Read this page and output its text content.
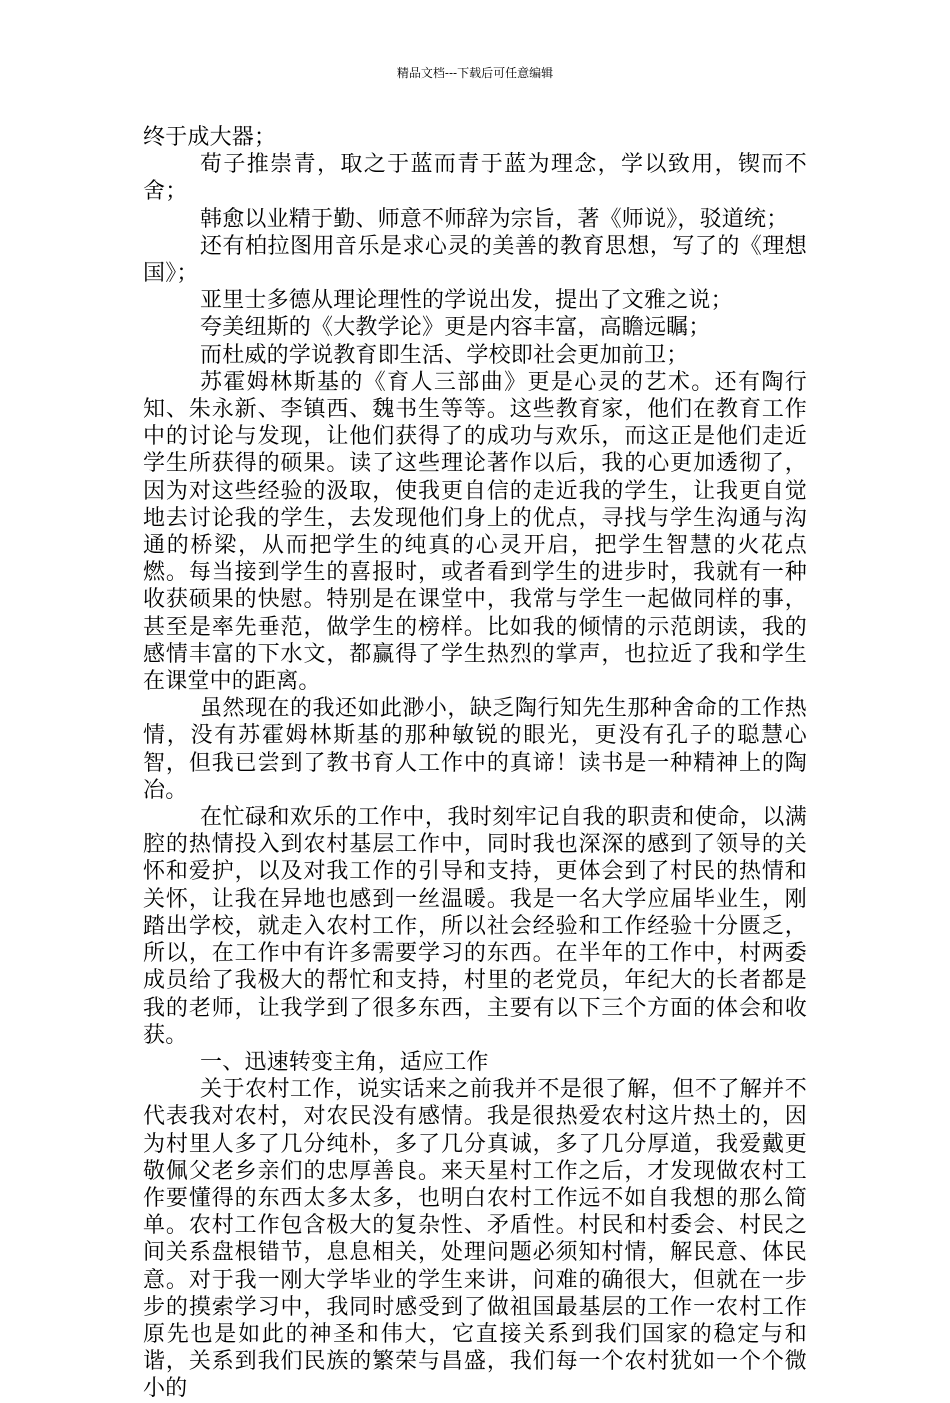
精品文档---下载后可任意编辑

终于成大器；

荀子推崇青，取之于蓝而青于蓝为理念，学以致用，锲而不舍；

韩愈以业精于勤、师意不师辞为宗旨，著《师说》，驳道统；

还有柏拉图用音乐是求心灵的美善的教育思想，写了的《理想国》；

亚里士多德从理论理性的学说出发，提出了文雅之说；

夸美纽斯的《大教学论》更是内容丰富，高瞻远瞩；

而杜威的学说教育即生活、学校即社会更加前卫；

苏霍姆林斯基的《育人三部曲》更是心灵的艺术。还有陶行知、朱永新、李镇西、魏书生等等。这些教育家，他们在教育工作中的讨论与发现，让他们获得了的成功与欢乐，而这正是他们走近学生所获得的硕果。读了这些理论著作以后，我的心更加透彻了，因为对这些经验的汲取，使我更自信的走近我的学生，让我更自觉地去讨论我的学生，去发现他们身上的优点，寻找与学生沟通与沟通的桥梁，从而把学生的纯真的心灵开启，把学生智慧的火花点燃。每当接到学生的喜报时，或者看到学生的进步时，我就有一种收获硕果的快慰。特别是在课堂中，我常与学生一起做同样的事，甚至是率先垂范，做学生的榜样。比如我的倾情的示范朗读，我的感情丰富的下水文，都赢得了学生热烈的掌声，也拉近了我和学生在课堂中的距离。

虽然现在的我还如此渺小，缺乏陶行知先生那种舍命的工作热情，没有苏霍姆林斯基的那种敏锐的眼光，更没有孔子的聪慧心智，但我已尝到了教书育人工作中的真谛！读书是一种精神上的陶冶。

在忙碌和欢乐的工作中，我时刻牢记自我的职责和使命，以满腔的热情投入到农村基层工作中，同时我也深深的感到了领导的关怀和爱护，以及对我工作的引导和支持，更体会到了村民的热情和关怀，让我在异地也感到一丝温暖。我是一名大学应届毕业生，刚踏出学校，就走入农村工作，所以社会经验和工作经验十分匮乏，所以，在工作中有许多需要学习的东西。在半年的工作中，村两委成员给了我极大的帮忙和支持，村里的老党员，年纪大的长者都是我的老师，让我学到了很多东西，主要有以下三个方面的体会和收获。

一、迅速转变主角，适应工作

关于农村工作，说实话来之前我并不是很了解，但不了解并不代表我对农村，对农民没有感情。我是很热爱农村这片热土的，因为村里人多了几分纯朴，多了几分真诚，多了几分厚道，我爱戴更敬佩父老乡亲们的忠厚善良。来天星村工作之后，才发现做农村工作要懂得的东西太多太多，也明白农村工作远不如自我想的那么简单。农村工作包含极大的复杂性、矛盾性。村民和村委会、村民之间关系盘根错节，息息相关，处理问题必须知村情，解民意、体民意。对于我一刚大学毕业的学生来讲，问难的确很大，但就在一步步的摸索学习中，我同时感受到了做祖国最基层的工作一农村工作原先也是如此的神圣和伟大，它直接关系到我们国家的稳定与和谐，关系到我们民族的繁荣与昌盛，我们每一个农村犹如一个个微小的
